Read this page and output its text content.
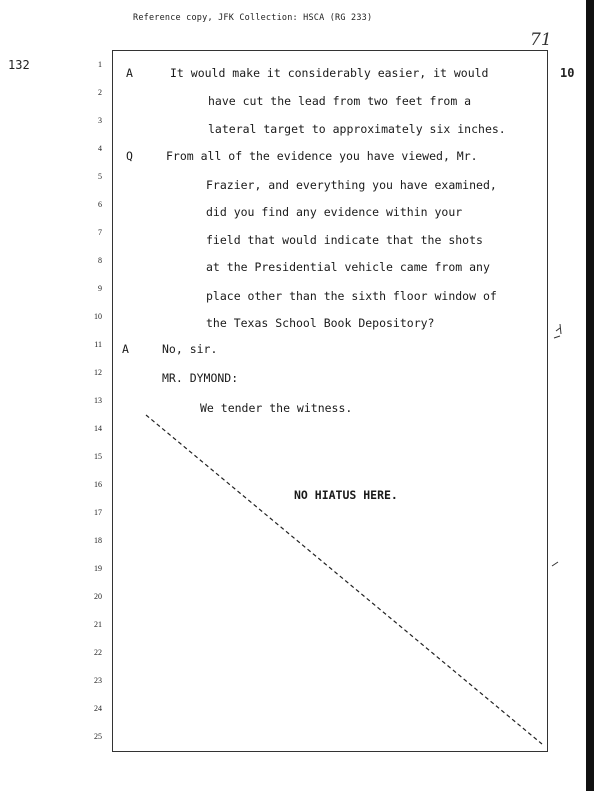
Reference copy, JFK Collection: HSCA (RG 233)
132
71
10
1
2
3
4
5
6
7
8
9
10
11
12
13
14
15
16
17
18
19
20
21
22
23
24
25
A	It would make it considerably easier, it would
have cut the lead from two feet from a
lateral target to approximately six inches.
Q	From all of the evidence you have viewed, Mr.
Frazier, and everything you have examined,
did you find any evidence within your
field that would indicate that the shots
at the Presidential vehicle came from any
place other than the sixth floor window of
the Texas School Book Depository?
A	No, sir.
MR. DYMOND:
We tender the witness.
NO HIATUS HERE.
